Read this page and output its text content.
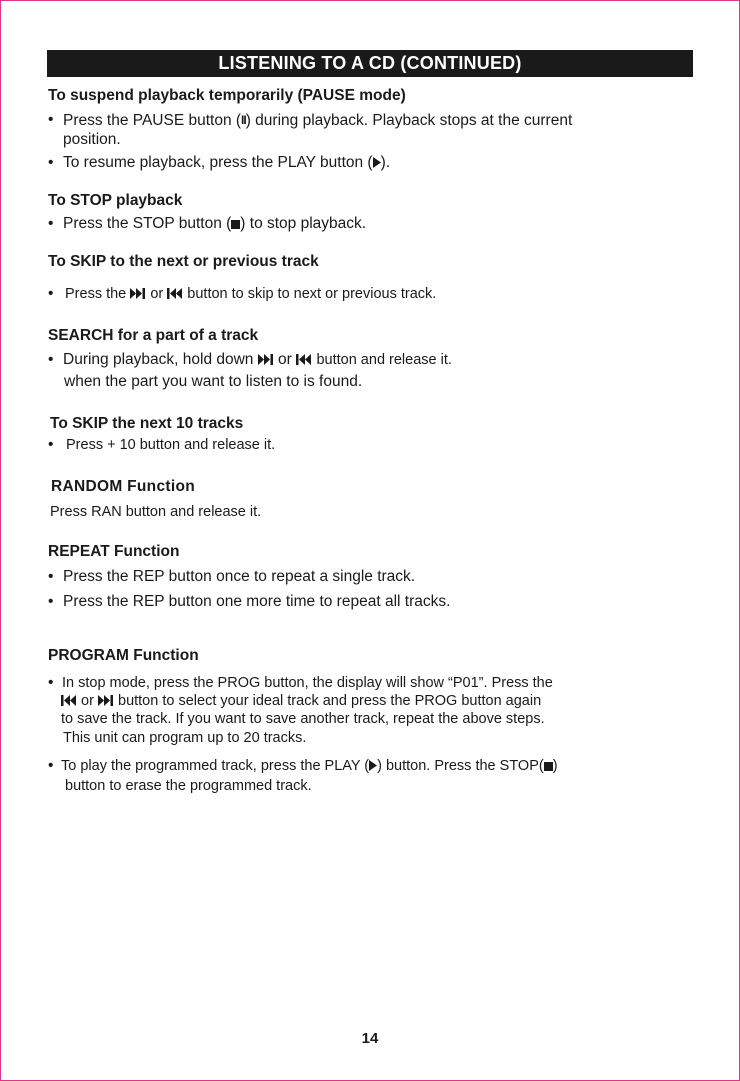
LISTENING TO A CD (CONTINUED)
To suspend playback temporarily (PAUSE mode)
• Press the PAUSE button (II) during playback. Playback stops at the current
position.
• To resume playback, press the PLAY button ( ).
To STOP playback
• Press the STOP button ( ) to stop playback.
To SKIP to the next or previous track
• Press the or button to skip to next or previous track.
SEARCH for a part of a track
• During playback, hold down or button and release it.
when the part you want to listen to is found.
To SKIP the next 10 tracks
• Press + 10 button and release it.
RANDOM Function
Press RAN button and release it.
REPEAT Function
• Press the REP button once to repeat a single track.
• Press the REP button one more time to repeat all tracks.
PROGRAM Function
• In stop mode, press the PROG button, the display will show “P01”. Press the
or button to select your ideal track and press the PROG button again
to save the track. If you want to save another track, repeat the above steps.
This unit can program up to 20 tracks.
• To play the programmed track, press the PLAY ( ) button. Press the STOP( )
button to erase the programmed track.
14
